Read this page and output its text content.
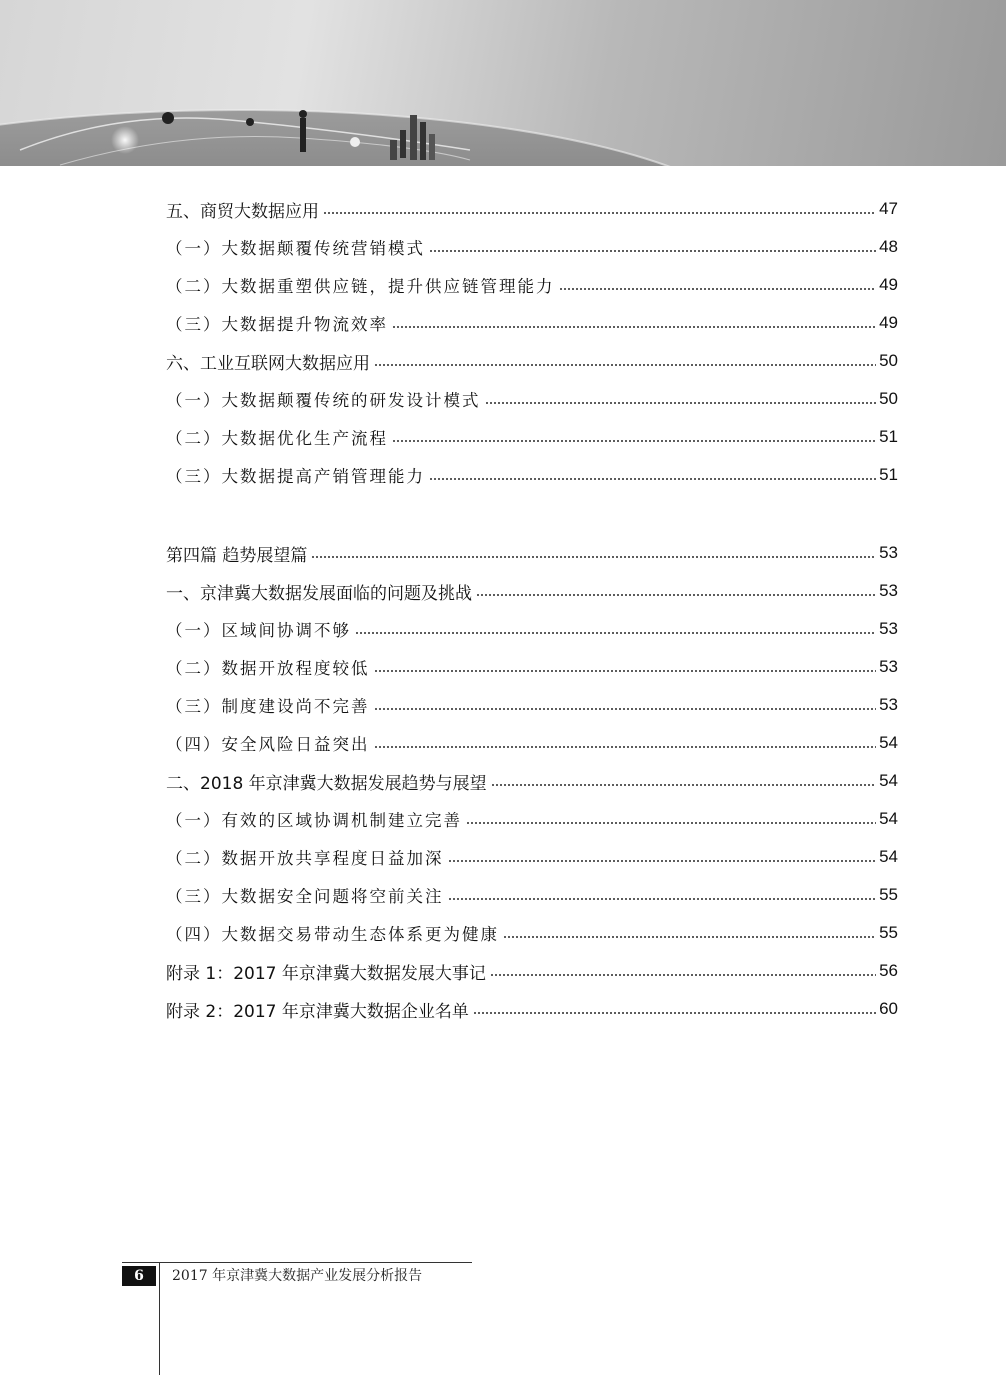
五、商贸大数据应用	47
（一）大数据颠覆传统营销模式	48
（二）大数据重塑供应链，提升供应链管理能力	49
（三）大数据提升物流效率	49
六、工业互联网大数据应用	50
（一）大数据颠覆传统的研发设计模式	50
（二）大数据优化生产流程	51
（三）大数据提高产销管理能力	51
第四篇 趋势展望篇	53
一、京津冀大数据发展面临的问题及挑战	53
（一）区域间协调不够	53
（二）数据开放程度较低	53
（三）制度建设尚不完善	53
（四）安全风险日益突出	54
二、2018 年京津冀大数据发展趋势与展望	54
（一）有效的区域协调机制建立完善	54
（二）数据开放共享程度日益加深	54
（三）大数据安全问题将空前关注	55
（四）大数据交易带动生态体系更为健康	55
附录 1：2017 年京津冀大数据发展大事记	56
附录 2：2017 年京津冀大数据企业名单	60
6	2017 年京津冀大数据产业发展分析报告
